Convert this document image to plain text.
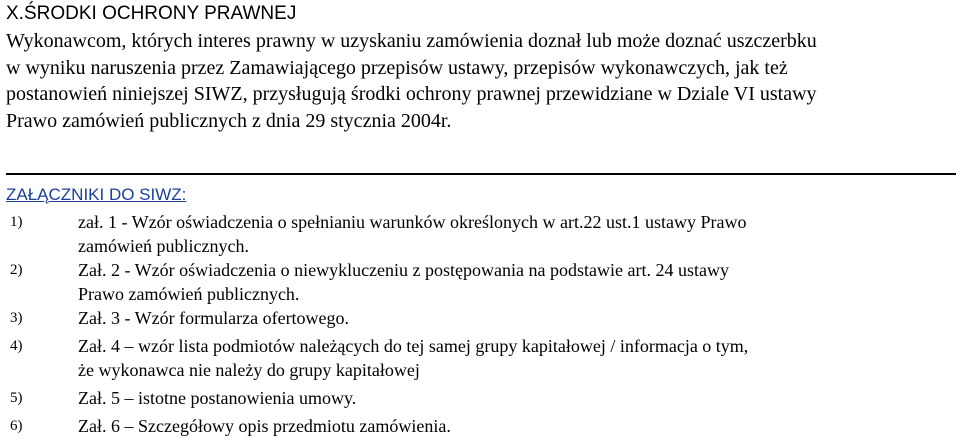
X.ŚRODKI OCHRONY PRAWNEJ
Wykonawcom, których interes prawny w uzyskaniu zamówienia doznał lub może doznać uszczerbku
w wyniku naruszenia przez Zamawiającego przepisów ustawy, przepisów wykonawczych, jak też
postanowień niniejszej SIWZ, przysługują środki ochrony prawnej przewidziane w Dziale VI ustawy
Prawo zamówień publicznych z dnia 29 stycznia 2004r.
ZAŁĄCZNIKI DO SIWZ:
1)	zał. 1 - Wzór oświadczenia o spełnianiu warunków określonych w art.22 ust.1 ustawy Prawo
zamówień publicznych.
2)	Zał. 2 - Wzór oświadczenia o niewykluczeniu z postępowania na podstawie art. 24 ustawy
Prawo zamówień publicznych.
3)	Zał. 3 - Wzór formularza ofertowego.
4)	Zał. 4 – wzór lista podmiotów należących do tej samej grupy kapitałowej / informacja o tym,
że wykonawca nie należy do grupy kapitałowej
5)	Zał. 5 – istotne postanowienia umowy.
6)	Zał. 6 – Szczegółowy opis przedmiotu zamówienia.
